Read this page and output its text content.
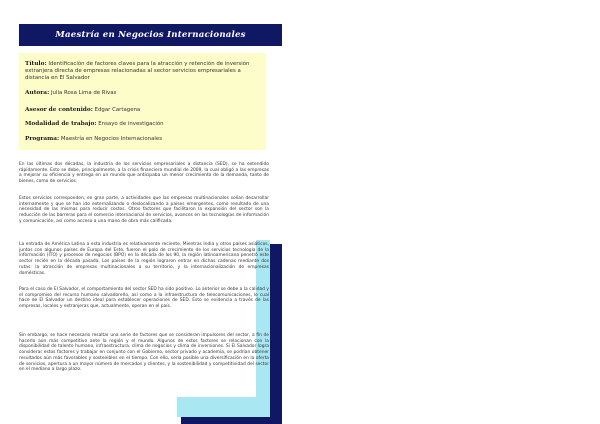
Maestría en Negocios Internacionales
Título: Identificación de factores claves para la atracción y retención de inversión extranjera directa de empresas relacionadas al sector servicios empresariales a distancia en El Salvador
Autora: Julia Rosa Lima de Rivas
Asesor de contenido: Edgar Cartagena
Modalidad de trabajo: Ensayo de investigación
Programa: Maestría en Negocios Internacionales

En las últimas dos décadas, la industria de los servicios empresariales a distancia (SED), se ha extendido rápidamente. Esto se debe, principalmente, a la crisis financiera mundial de 2009, la cual obligó a las empresas a mejorar su eficiencia y entrega en un mundo que anticipaba un menor crecimiento de la demanda, tanto de bienes, como de servicios.

Estos servicios corresponden, en gran parte, a actividades que las empresas multinacionales solían desarrollar internamente y que se han ido externalizando o deslocalizando a países emergentes, como resultado de una necesidad de las mismas para reducir costos. Otros factores que facilitaron la expansión del sector son la reducción de las barreras para el comercio internacional de servicios, avances en las tecnologías de información y comunicación, así como acceso a una mano de obra más calificada.

La entrada de América Latina a esta industria es relativamente reciente. Mientras India y otros países asiáticos, juntos con algunos países de Europa del Este, fueron el polo de crecimiento de los servicios tecnología de la información (ITO) y procesos de negocios (BPO) en la década de los 90, la región latinoamericana penetró este sector recién en la década pasada. Los países de la región lograron entrar en dichas cadenas mediante dos rutas: la atracción de empresas multinacionales a su territorio, y la internacionalización de empresas domésticas.

Para el caso de El Salvador, el comportamiento del sector SED ha sido positivo. Lo anterior se debe a la calidad y el compromiso del recurso humano salvadoreño, así como a la infraestructura de telecomunicaciones, lo cual hace de El Salvador un destino ideal para establecer operaciones de SED. Esto se evidencia a través de las empresas, locales y extranjeras que, actualmente, operan en el país.

Sin embargo, se hace necesario resaltar una serie de factores que se consideran impulsores del sector, a fin de hacerlo aún más competitivo ante la región y el mundo. Algunos de estos factores se relacionan con la disponibilidad de talento humano, infraestructura, clima de negocios y clima de inversiones. Si El Salvador logra considerar estos factores y trabajar en conjunto con el Gobierno, sector privado y academia, se podrían obtener resultados aún más favorables y sostenibles en el tiempo. Con ello, sería posible una diversificación en la oferta de servicios, apertura a un mayor número de mercados y clientes, y la sostenibilidad y competitividad del sector en el mediano a largo plazo.
